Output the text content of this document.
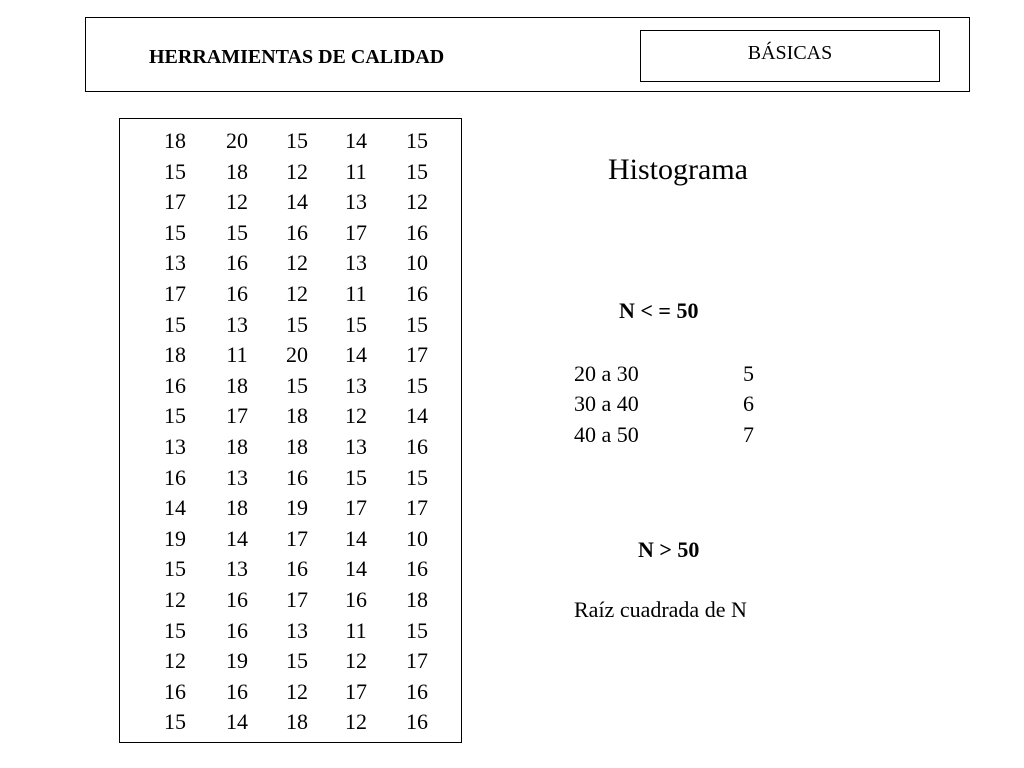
HERRAMIENTAS DE CALIDAD	BÁSICAS
18	20	15	14	15
15	18	12	11	15
17	12	14	13	12
15	15	16	17	16
13	16	12	13	10
17	16	12	11	16
15	13	15	15	15
18	11	20	14	17
16	18	15	13	15
15	17	18	12	14
13	18	18	13	16
16	13	16	15	15
14	18	19	17	17
19	14	17	14	10
15	13	16	14	16
12	16	17	16	18
15	16	13	11	15
12	19	15	12	17
16	16	12	17	16
15	14	18	12	16
Histograma
N < = 50
20 a 30	5
30 a 40	6
40 a 50	7
N > 50
Raíz cuadrada de N
